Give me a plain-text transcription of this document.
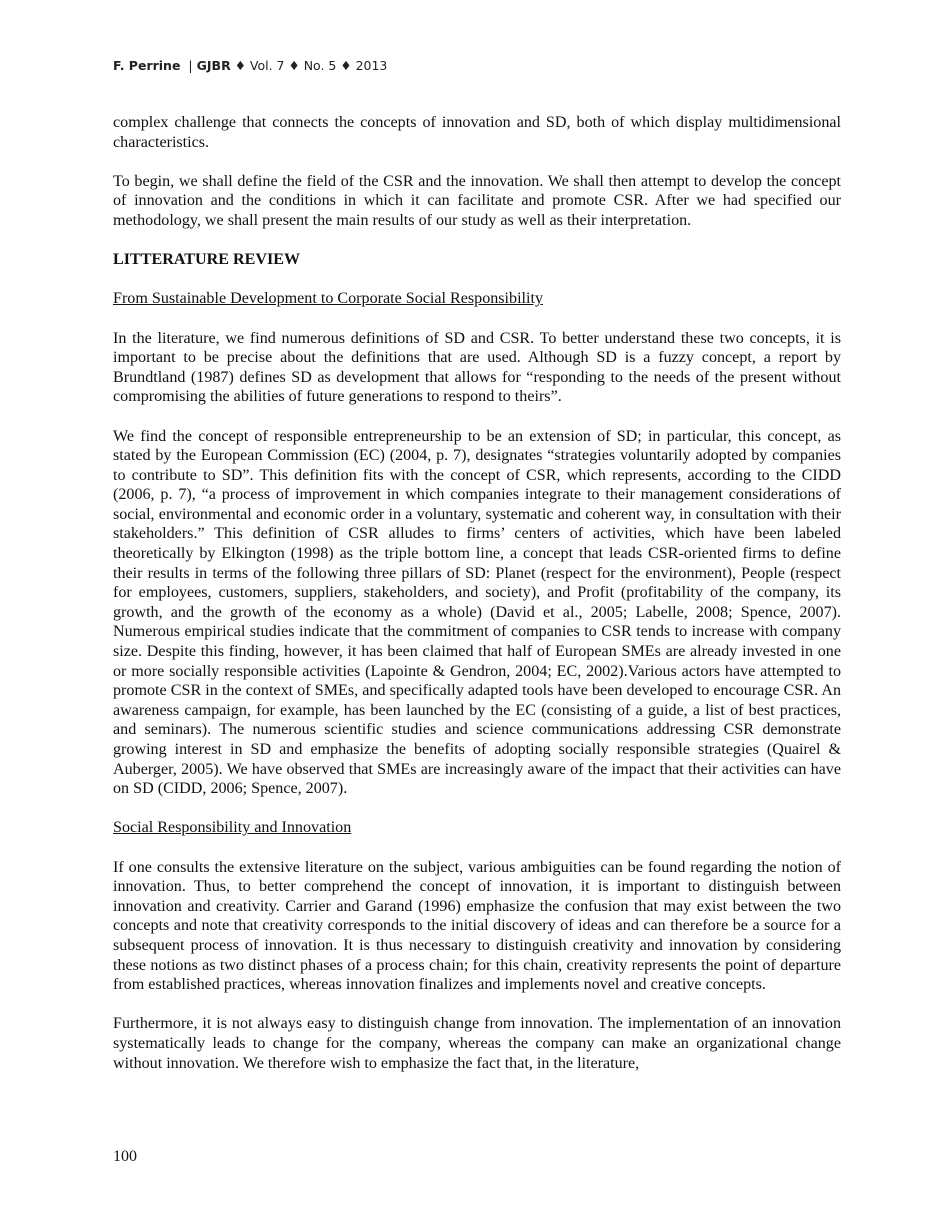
F. Perrine | GJBR ♦ Vol. 7 ♦ No. 5 ♦ 2013

complex challenge that connects the concepts of innovation and SD, both of which display multidimensional characteristics.

To begin, we shall define the field of the CSR and the innovation. We shall then attempt to develop the concept of innovation and the conditions in which it can facilitate and promote CSR. After we had specified our methodology, we shall present the main results of our study as well as their interpretation.

LITTERATURE REVIEW
From Sustainable Development to Corporate Social Responsibility

In the literature, we find numerous definitions of SD and CSR. To better understand these two concepts, it is important to be precise about the definitions that are used. Although SD is a fuzzy concept, a report by Brundtland (1987) defines SD as development that allows for “responding to the needs of the present without compromising the abilities of future generations to respond to theirs”.

We find the concept of responsible entrepreneurship to be an extension of SD; in particular, this concept, as stated by the European Commission (EC) (2004, p. 7), designates “strategies voluntarily adopted by companies to contribute to SD”. This definition fits with the concept of CSR, which represents, according to the CIDD (2006, p. 7), “a process of improvement in which companies integrate to their management considerations of social, environmental and economic order in a voluntary, systematic and coherent way, in consultation with their stakeholders.” This definition of CSR alludes to firms’ centers of activities, which have been labeled theoretically by Elkington (1998) as the triple bottom line, a concept that leads CSR-oriented firms to define their results in terms of the following three pillars of SD: Planet (respect for the environment), People (respect for employees, customers, suppliers, stakeholders, and society), and Profit (profitability of the company, its growth, and the growth of the economy as a whole) (David et al., 2005; Labelle, 2008; Spence, 2007). Numerous empirical studies indicate that the commitment of companies to CSR tends to increase with company size. Despite this finding, however, it has been claimed that half of European SMEs are already invested in one or more socially responsible activities (Lapointe & Gendron, 2004; EC, 2002).Various actors have attempted to promote CSR in the context of SMEs, and specifically adapted tools have been developed to encourage CSR. An awareness campaign, for example, has been launched by the EC (consisting of a guide, a list of best practices, and seminars). The numerous scientific studies and science communications addressing CSR demonstrate growing interest in SD and emphasize the benefits of adopting socially responsible strategies (Quairel & Auberger, 2005). We have observed that SMEs are increasingly aware of the impact that their activities can have on SD (CIDD, 2006; Spence, 2007).

Social Responsibility and Innovation

If one consults the extensive literature on the subject, various ambiguities can be found regarding the notion of innovation. Thus, to better comprehend the concept of innovation, it is important to distinguish between innovation and creativity. Carrier and Garand (1996) emphasize the confusion that may exist between the two concepts and note that creativity corresponds to the initial discovery of ideas and can therefore be a source for a subsequent process of innovation. It is thus necessary to distinguish creativity and innovation by considering these notions as two distinct phases of a process chain; for this chain, creativity represents the point of departure from established practices, whereas innovation finalizes and implements novel and creative concepts.

Furthermore, it is not always easy to distinguish change from innovation. The implementation of an innovation systematically leads to change for the company, whereas the company can make an organizational change without innovation. We therefore wish to emphasize the fact that, in the literature,

100
